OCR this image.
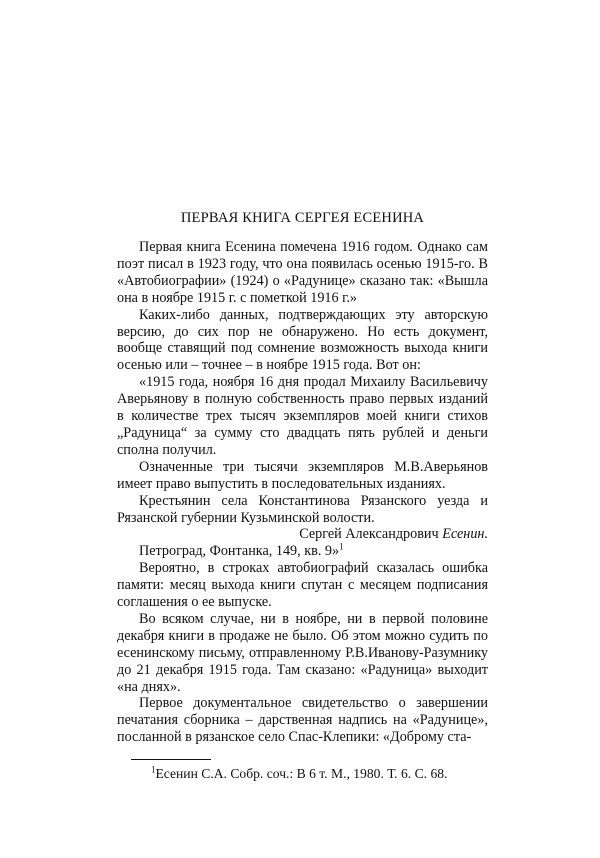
ПЕРВАЯ КНИГА СЕРГЕЯ ЕСЕНИНА

Первая книга Есенина помечена 1916 годом. Однако сам поэт писал в 1923 году, что она появилась осенью 1915-го. В «Автобиографии» (1924) о «Радунице» сказано так: «Вышла она в ноябре 1915 г. с пометкой 1916 г.»

Каких-либо данных, подтверждающих эту авторскую версию, до сих пор не обнаружено. Но есть документ, вообще ставящий под сомнение возможность выхода книги осенью или – точнее – в ноябре 1915 года. Вот он:

«1915 года, ноября 16 дня продал Михаилу Васильевичу Аверьянову в полную собственность право первых изданий в количестве трех тысяч экземпляров моей книги стихов „Радуница“ за сумму сто двадцать пять рублей и деньги сполна получил.

Означенные три тысячи экземпляров М.В.Аверьянов имеет право выпустить в последовательных изданиях.

Крестьянин села Константинова Рязанского уезда и Рязанской губернии Кузьминской волости.

Сергей Александрович Есенин.

Петроград, Фонтанка, 149, кв. 9»$^1$

Вероятно, в строках автобиографий сказалась ошибка памяти: месяц выхода книги спутан с месяцем подписания соглашения о ее выпуске.

Во всяком случае, ни в ноябре, ни в первой половине декабря книги в продаже не было. Об этом можно судить по есенинскому письму, отправленному Р.В.Иванову-Разумнику до 21 декабря 1915 года. Там сказано: «Радуница» выходит «на днях».

Первое документальное свидетельство о завершении печатания сборника – дарственная надпись на «Радунице», посланной в рязанское село Спас-Клепики: «Доброму ста-

$^1$Есенин С.А. Собр. соч.: В 6 т. М., 1980. Т. 6. С. 68.
